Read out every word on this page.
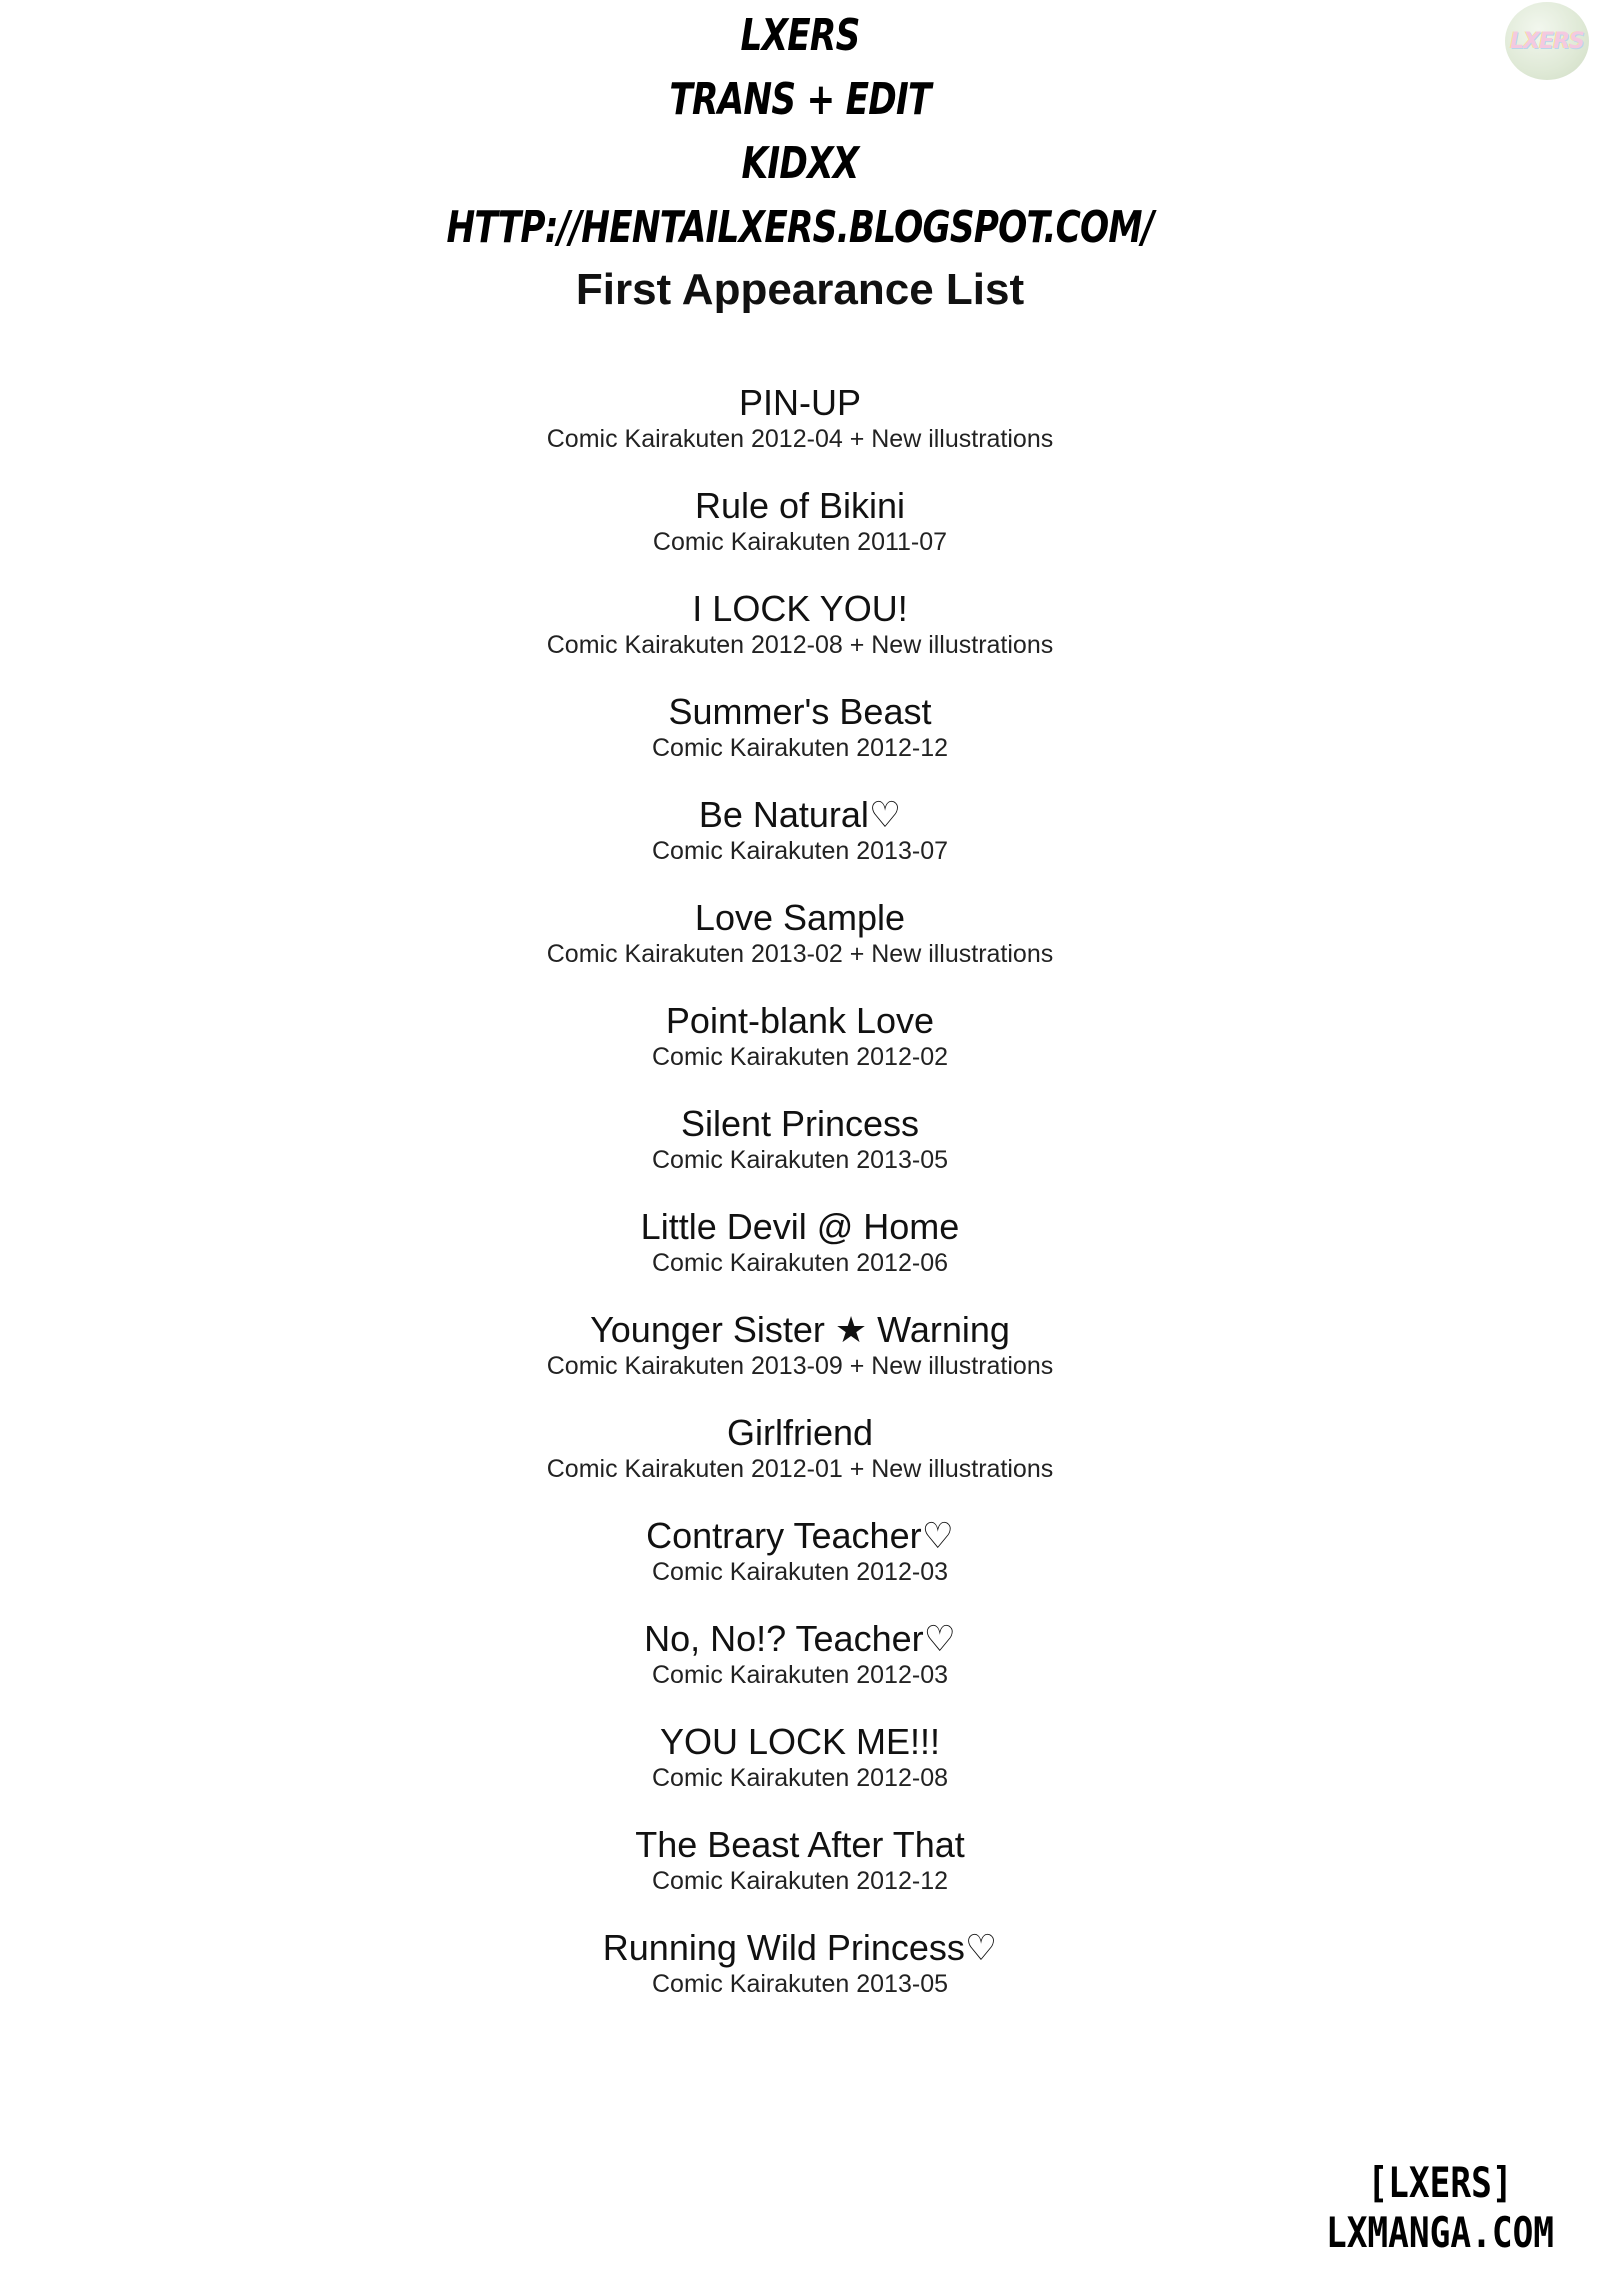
LXERS
TRANS + EDIT
KIDXX
HTTP://HENTAILXERS.BLOGSPOT.COM/
LXERS
First Appearance List
PIN-UP
Comic Kairakuten 2012-04 + New illustrations
Rule of Bikini
Comic Kairakuten 2011-07
I LOCK YOU!
Comic Kairakuten 2012-08 + New illustrations
Summer's Beast
Comic Kairakuten 2012-12
Be Natural♡
Comic Kairakuten 2013-07
Love Sample
Comic Kairakuten 2013-02 + New illustrations
Point-blank Love
Comic Kairakuten 2012-02
Silent Princess
Comic Kairakuten 2013-05
Little Devil @ Home
Comic Kairakuten 2012-06
Younger Sister ★ Warning
Comic Kairakuten 2013-09 + New illustrations
Girlfriend
Comic Kairakuten 2012-01 + New illustrations
Contrary Teacher♡
Comic Kairakuten 2012-03
No, No!? Teacher♡
Comic Kairakuten 2012-03
YOU LOCK ME!!!
Comic Kairakuten 2012-08
The Beast After That
Comic Kairakuten 2012-12
Running Wild Princess♡
Comic Kairakuten 2013-05
[LXERS]
LXMANGA.COM
